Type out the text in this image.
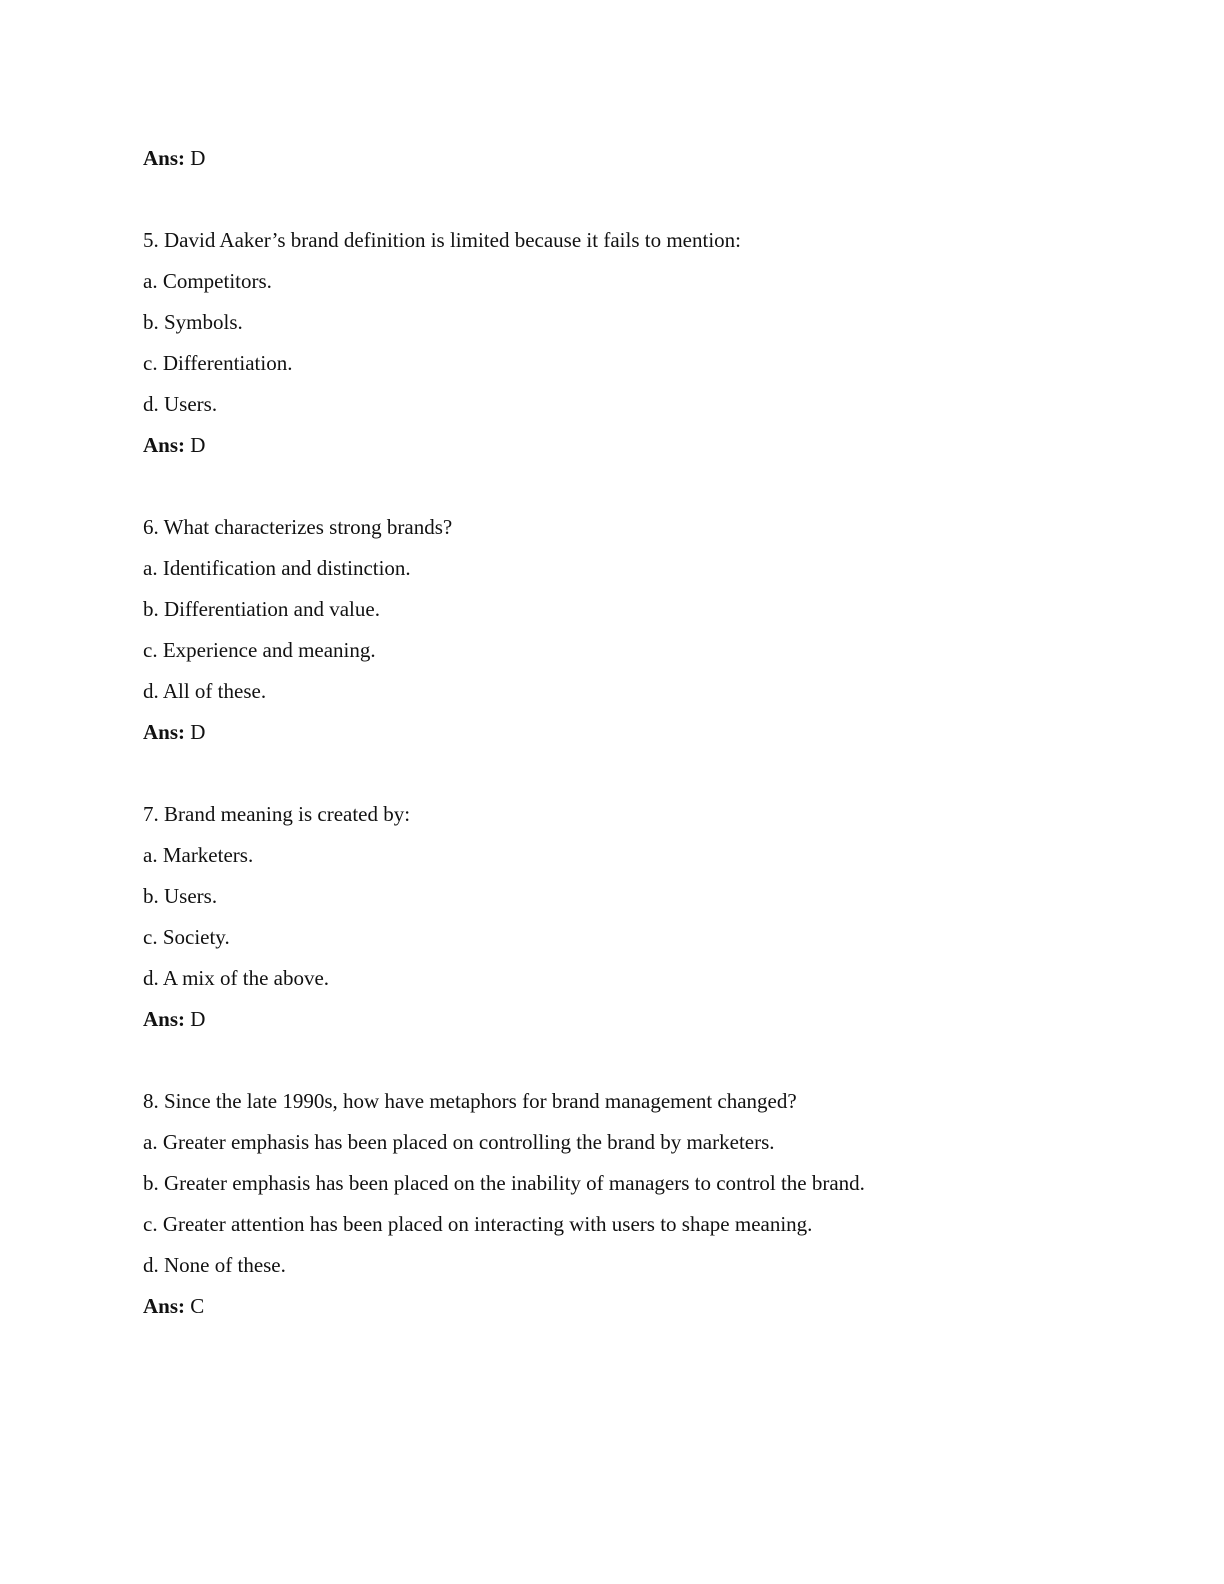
Ans: D
5. David Aaker’s brand definition is limited because it fails to mention:
a. Competitors.
b. Symbols.
c. Differentiation.
d. Users.
Ans: D
6. What characterizes strong brands?
a. Identification and distinction.
b. Differentiation and value.
c. Experience and meaning.
d. All of these.
Ans: D
7. Brand meaning is created by:
a. Marketers.
b. Users.
c. Society.
d. A mix of the above.
Ans: D
8. Since the late 1990s, how have metaphors for brand management changed?
a. Greater emphasis has been placed on controlling the brand by marketers.
b. Greater emphasis has been placed on the inability of managers to control the brand.
c. Greater attention has been placed on interacting with users to shape meaning.
d. None of these.
Ans: C
